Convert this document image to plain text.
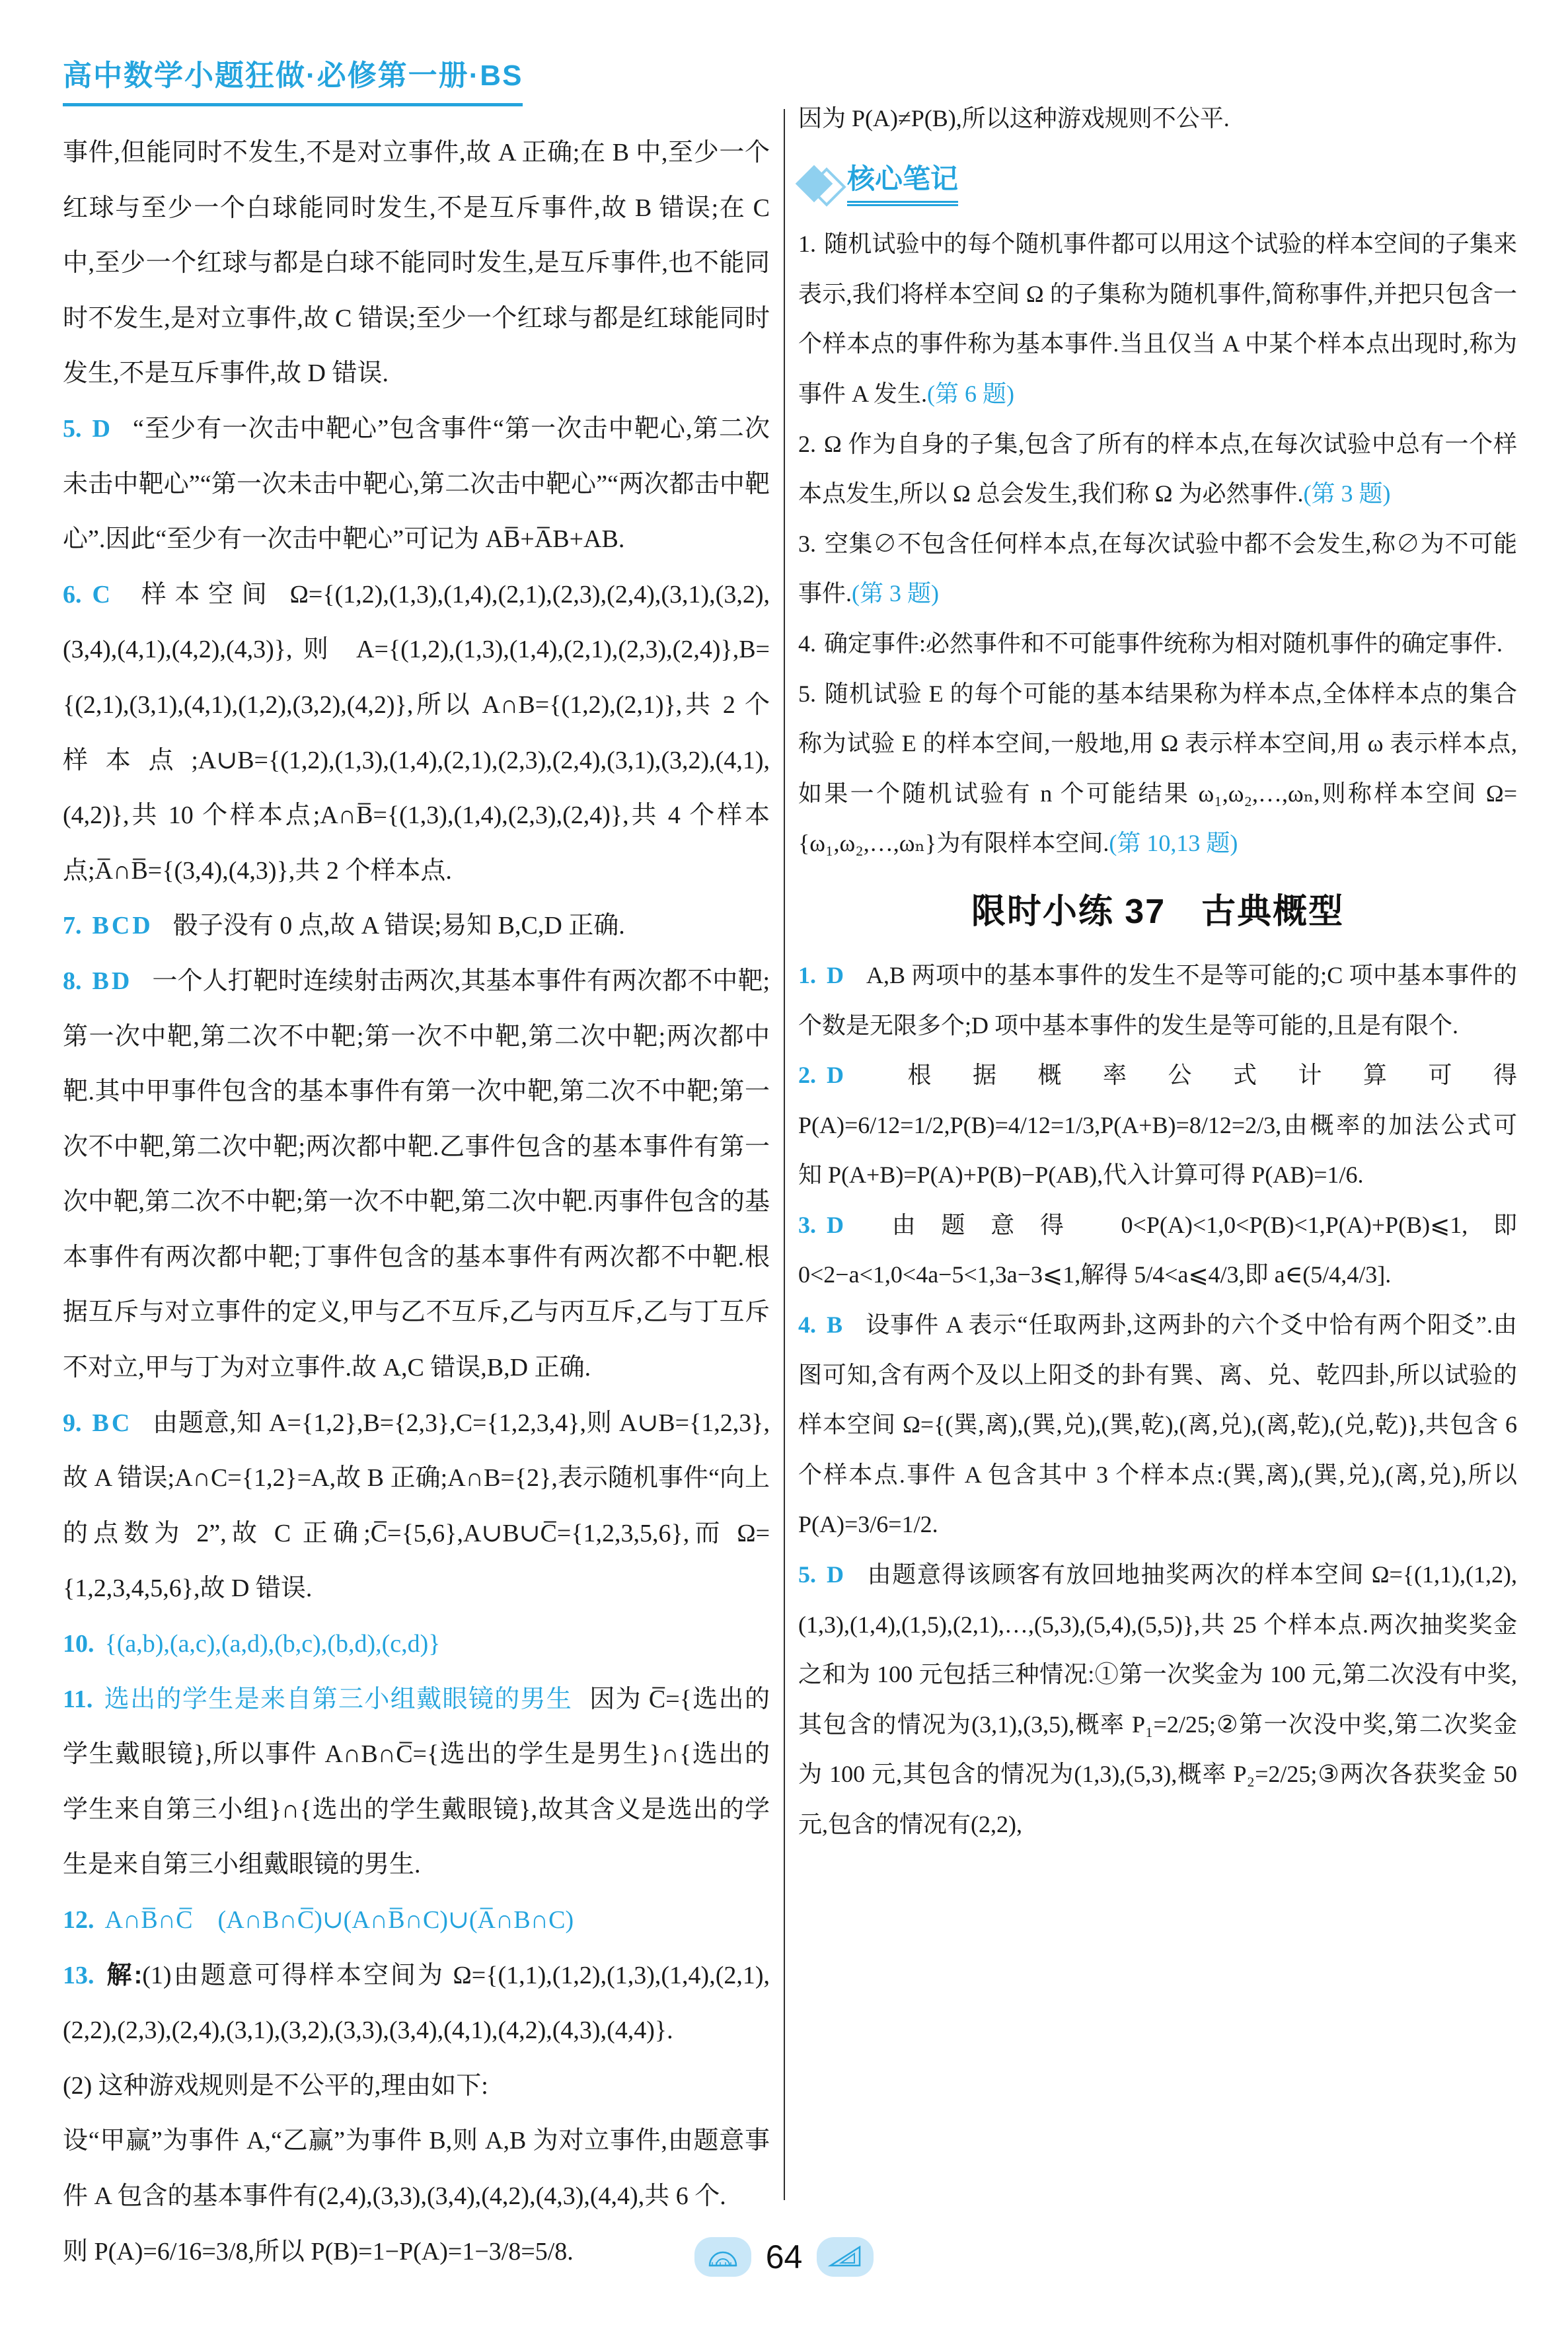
高中数学小题狂做·必修第一册·BS

事件,但能同时不发生,不是对立事件,故 A 正确;在 B 中,至少一个红球与至少一个白球能同时发生,不是互斥事件,故 B 错误;在 C 中,至少一个红球与都是白球不能同时发生,是互斥事件,也不能同时不发生,是对立事件,故 C 错误;至少一个红球与都是红球能同时发生,不是互斥事件,故 D 错误.

5. D “至少有一次击中靶心”包含事件“第一次击中靶心,第二次未击中靶心”“第一次未击中靶心,第二次击中靶心”“两次都击中靶心”.因此“至少有一次击中靶心”可记为 AB̅+A̅B+AB.

6. C 样本空间 Ω={(1,2),(1,3),(1,4),(2,1),(2,3),(2,4),(3,1),(3,2),(3,4),(4,1),(4,2),(4,3)},则 A={(1,2),(1,3),(1,4),(2,1),(2,3),(2,4)},B={(2,1),(3,1),(4,1),(1,2),(3,2),(4,2)},所以 A∩B={(1,2),(2,1)},共 2 个样本点;A∪B={(1,2),(1,3),(1,4),(2,1),(2,3),(2,4),(3,1),(3,2),(4,1),(4,2)},共 10 个样本点;A∩B̅={(1,3),(1,4),(2,3),(2,4)},共 4 个样本点;A̅∩B̅={(3,4),(4,3)},共 2 个样本点.

7. BCD 骰子没有 0 点,故 A 错误;易知 B,C,D 正确.

8. BD 一个人打靶时连续射击两次,其基本事件有两次都不中靶;第一次中靶,第二次不中靶;第一次不中靶,第二次中靶;两次都中靶.其中甲事件包含的基本事件有第一次中靶,第二次不中靶;第一次不中靶,第二次中靶;两次都中靶.乙事件包含的基本事件有第一次中靶,第二次不中靶;第一次不中靶,第二次中靶.丙事件包含的基本事件有两次都中靶;丁事件包含的基本事件有两次都不中靶.根据互斥与对立事件的定义,甲与乙不互斥,乙与丙互斥,乙与丁互斥不对立,甲与丁为对立事件.故 A,C 错误,B,D 正确.

9. BC 由题意,知 A={1,2},B={2,3},C={1,2,3,4},则 A∪B={1,2,3},故 A 错误;A∩C={1,2}=A,故 B 正确;A∩B={2},表示随机事件“向上的点数为 2”,故 C 正确;C̅={5,6},A∪B∪C̅={1,2,3,5,6},而 Ω={1,2,3,4,5,6},故 D 错误.

10. {(a,b),(a,c),(a,d),(b,c),(b,d),(c,d)}

11. 选出的学生是来自第三小组戴眼镜的男生 因为 C̅={选出的学生戴眼镜},所以事件 A∩B∩C̅={选出的学生是男生}∩{选出的学生来自第三小组}∩{选出的学生戴眼镜},故其含义是选出的学生是来自第三小组戴眼镜的男生.

12. A∩B̅∩C̅　(A∩B∩C̅)∪(A∩B̅∩C)∪(A̅∩B∩C)

13. 解:(1)由题意可得样本空间为 Ω={(1,1),(1,2),(1,3),(1,4),(2,1),(2,2),(2,3),(2,4),(3,1),(3,2),(3,3),(3,4),(4,1),(4,2),(4,3),(4,4)}.

(2) 这种游戏规则是不公平的,理由如下:

设“甲赢”为事件 A,“乙赢”为事件 B,则 A,B 为对立事件,由题意事件 A 包含的基本事件有(2,4),(3,3),(3,4),(4,2),(4,3),(4,4),共 6 个.

则 P(A)=6/16=3/8,所以 P(B)=1−P(A)=1−3/8=5/8.

因为 P(A)≠P(B),所以这种游戏规则不公平.

核心笔记

1. 随机试验中的每个随机事件都可以用这个试验的样本空间的子集来表示,我们将样本空间 Ω 的子集称为随机事件,简称事件,并把只包含一个样本点的事件称为基本事件.当且仅当 A 中某个样本点出现时,称为事件 A 发生.(第 6 题)

2. Ω 作为自身的子集,包含了所有的样本点,在每次试验中总有一个样本点发生,所以 Ω 总会发生,我们称 Ω 为必然事件.(第 3 题)

3. 空集∅不包含任何样本点,在每次试验中都不会发生,称∅为不可能事件.(第 3 题)

4. 确定事件:必然事件和不可能事件统称为相对随机事件的确定事件.

5. 随机试验 E 的每个可能的基本结果称为样本点,全体样本点的集合称为试验 E 的样本空间,一般地,用 Ω 表示样本空间,用 ω 表示样本点,如果一个随机试验有 n 个可能结果 ω₁,ω₂,…,ωₙ,则称样本空间 Ω={ω₁,ω₂,…,ωₙ}为有限样本空间.(第 10,13 题)

限时小练 37　古典概型

1. D A,B 两项中的基本事件的发生不是等可能的;C 项中基本事件的个数是无限多个;D 项中基本事件的发生是等可能的,且是有限个.

2. D 根据概率公式计算可得 P(A)=6/12=1/2,P(B)=4/12=1/3,P(A+B)=8/12=2/3,由概率的加法公式可知 P(A+B)=P(A)+P(B)−P(AB),代入计算可得 P(AB)=1/6.

3. D 由题意得 0<P(A)<1,0<P(B)<1,P(A)+P(B)⩽1,即 0<2−a<1,0<4a−5<1,3a−3⩽1,解得 5/4<a⩽4/3,即 a∈(5/4,4/3].

4. B 设事件 A 表示“任取两卦,这两卦的六个爻中恰有两个阳爻”.由图可知,含有两个及以上阳爻的卦有巽、离、兑、乾四卦,所以试验的样本空间 Ω={(巽,离),(巽,兑),(巽,乾),(离,兑),(离,乾),(兑,乾)},共包含 6 个样本点.事件 A 包含其中 3 个样本点:(巽,离),(巽,兑),(离,兑),所以 P(A)=3/6=1/2.

5. D 由题意得该顾客有放回地抽奖两次的样本空间 Ω={(1,1),(1,2),(1,3),(1,4),(1,5),(2,1),…,(5,3),(5,4),(5,5)},共 25 个样本点.两次抽奖奖金之和为 100 元包括三种情况:①第一次奖金为 100 元,第二次没有中奖,其包含的情况为(3,1),(3,5),概率 P₁=2/25;②第一次没中奖,第二次奖金为 100 元,其包含的情况为(1,3),(5,3),概率 P₂=2/25;③两次各获奖金 50 元,包含的情况有(2,2),

64
